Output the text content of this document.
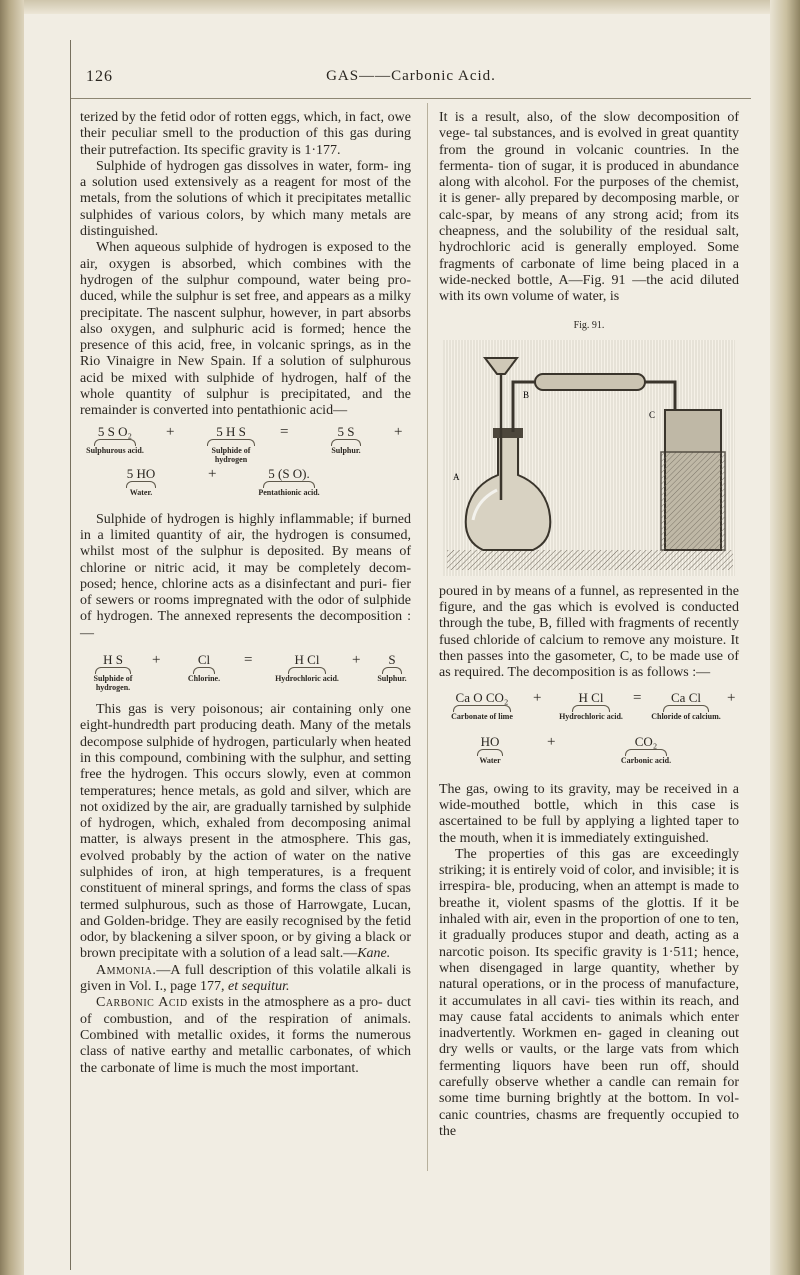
126	GAS——Carbonic Acid.

terized by the fetid odor of rotten eggs, which, in fact, owe their peculiar smell to the production of this gas during their putrefaction. Its specific gravity is 1·177.

Sulphide of hydrogen gas dissolves in water, form- ing a solution used extensively as a reagent for most of the metals, from the solutions of which it precipitates metallic sulphides of various colors, by which many metals are distinguished.

When aqueous sulphide of hydrogen is exposed to the air, oxygen is absorbed, which combines with the hydrogen of the sulphur compound, water being pro- duced, while the sulphur is set free, and appears as a milky precipitate. The nascent sulphur, however, in part absorbs also oxygen, and sulphuric acid is formed; hence the presence of this acid, free, in volcanic springs, as in the Rio Vinaigre in New Spain. If a solution of sulphurous acid be mixed with sulphide of hydrogen, half of the whole quantity of sulphur is precipitated, and the remainder is converted into pentathionic acid—

5 S O₂
Sulphurous acid.
+	5 H S
Sulphide of hydrogen
=	5 S
Sulphur.
+
5 HO
Water.
+	5 (S O).
Pentathionic acid.

Sulphide of hydrogen is highly inflammable; if burned in a limited quantity of air, the hydrogen is consumed, whilst most of the sulphur is deposited. By means of chlorine or nitric acid, it may be completely decom- posed; hence, chlorine acts as a disinfectant and puri- fier of sewers or rooms impregnated with the odor of sulphide of hydrogen. The annexed represents the decomposition :—

H S
Sulphide of hydrogen.
+	Cl
Chlorine.
=	H Cl
Hydrochloric acid.
+	S
Sulphur.

This gas is very poisonous; air containing only one eight-hundredth part producing death. Many of the metals decompose sulphide of hydrogen, particularly when heated in this compound, combining with the sulphur, and setting free the hydrogen. This occurs slowly, even at common temperatures; hence metals, as gold and silver, which are not oxidized by the air, are gradually tarnished by sulphide of hydrogen, which, exhaled from decomposing animal matter, is always present in the atmosphere. This gas, evolved probably by the action of water on the native sulphides of iron, at high temperatures, is a frequent constituent of mineral springs, and forms the class of spas termed sulphurous, such as those of Harrowgate, Lucan, and Golden-bridge. They are easily recognised by the fetid odor, by blackening a silver spoon, or by giving a black or brown precipitate with a solution of a lead salt.—Kane.

Ammonia.—A full description of this volatile alkali is given in Vol. I., page 177, et sequitur.

Carbonic Acid exists in the atmosphere as a pro- duct of combustion, and of the respiration of animals. Combined with metallic oxides, it forms the numerous class of native earthy and metallic carbonates, of which the carbonate of lime is much the most important.

It is a result, also, of the slow decomposition of vege- tal substances, and is evolved in great quantity from the ground in volcanic countries. In the fermenta- tion of sugar, it is produced in abundance along with alcohol. For the purposes of the chemist, it is gener- ally prepared by decomposing marble, or calc-spar, by means of any strong acid; from its cheapness, and the solubility of the residual salt, hydrochloric acid is generally employed. Some fragments of carbonate of lime being placed in a wide-necked bottle, A—Fig. 91 —the acid diluted with its own volume of water, is

Fig. 91.
C
B
A

poured in by means of a funnel, as represented in the figure, and the gas which is evolved is conducted through the tube, B, filled with fragments of recently fused chloride of calcium to remove any moisture. It then passes into the gasometer, C, to be made use of as required. The decomposition is as follows :—

Ca O CO₂
Carbonate of lime
+	H Cl
Hydrochloric acid.
=	Ca Cl
Chloride of calcium.
+
HO
Water
+	CO₂
Carbonic acid.

The gas, owing to its gravity, may be received in a wide-mouthed bottle, which in this case is ascertained to be full by applying a lighted taper to the mouth, when it is immediately extinguished.

The properties of this gas are exceedingly striking; it is entirely void of color, and invisible; it is irrespira- ble, producing, when an attempt is made to breathe it, violent spasms of the glottis. If it be inhaled with air, even in the proportion of one to ten, it gradually produces stupor and death, acting as a narcotic poison. Its specific gravity is 1·511; hence, when disengaged in large quantity, whether by natural operations, or in the process of manufacture, it accumulates in all cavi- ties within its reach, and may cause fatal accidents to animals which enter inadvertently. Workmen en- gaged in cleaning out dry wells or vaults, or the large vats from which fermenting liquors have been run off, should carefully observe whether a candle can remain for some time burning brightly at the bottom. In vol- canic countries, chasms are frequently occupied to the
